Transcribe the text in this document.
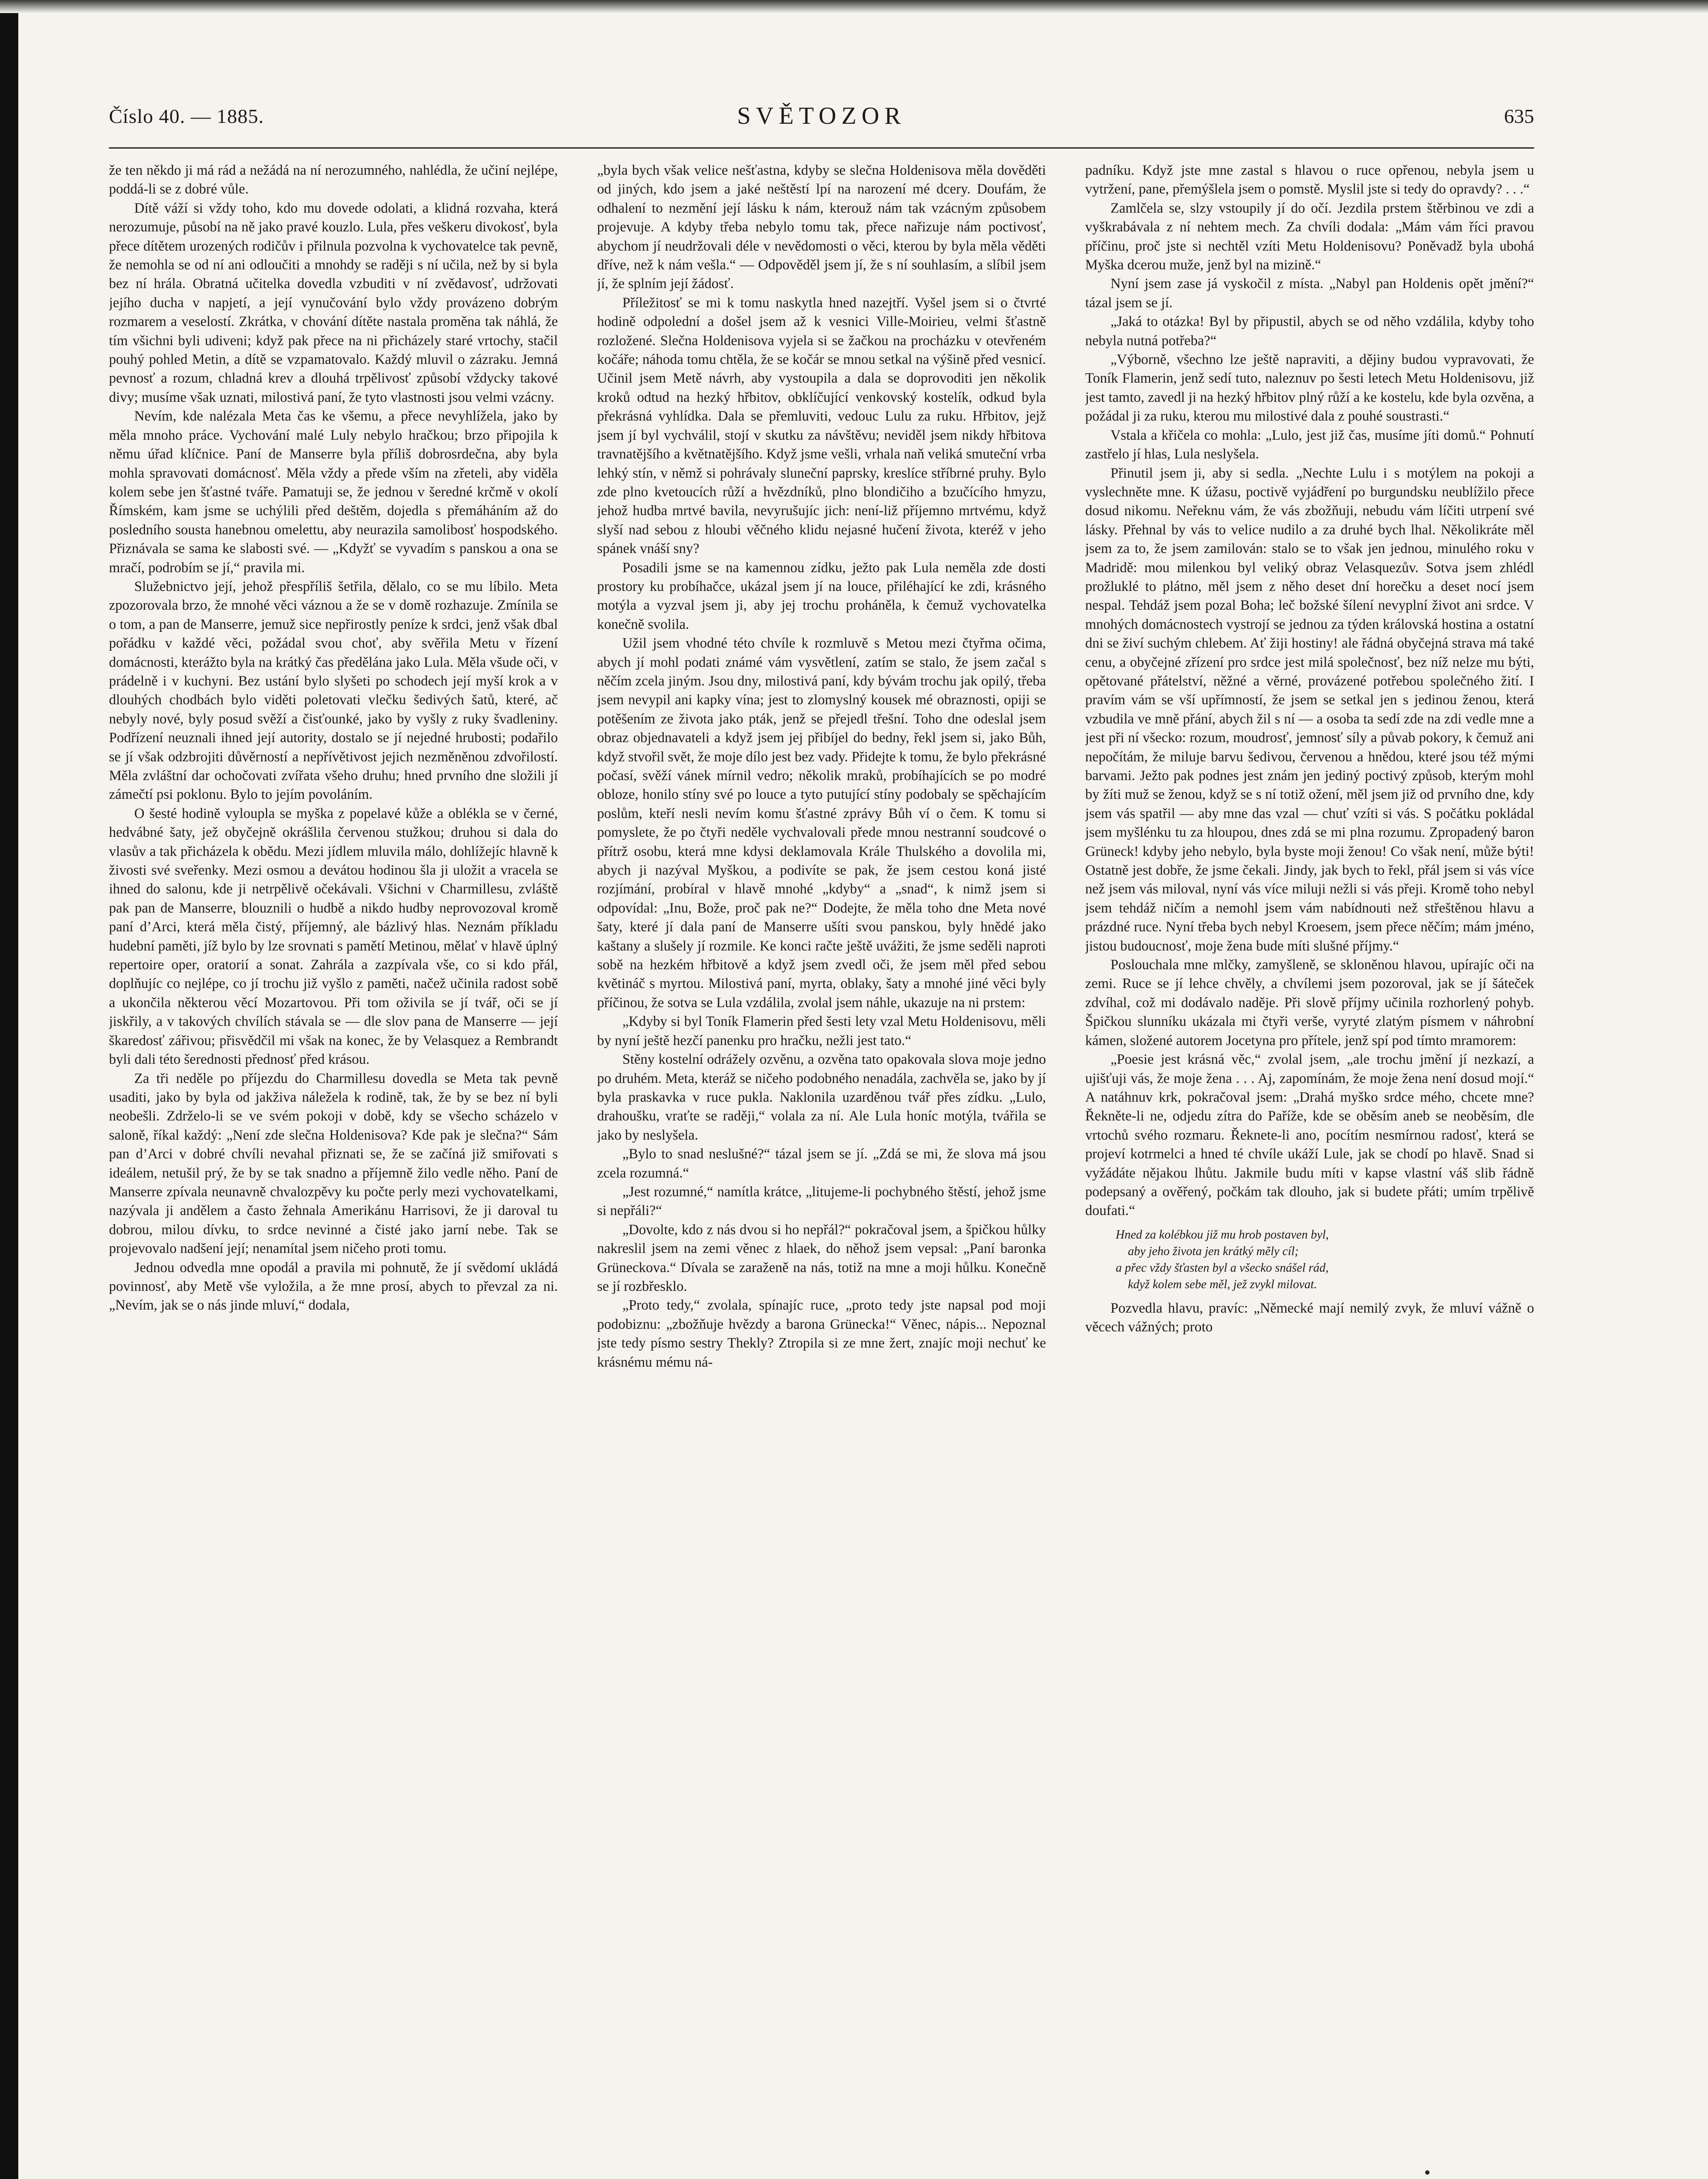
Číslo 40. — 1885.	SVĚTOZOR	635

že ten někdo ji má rád a nežádá na ní nerozumného, nahlédla, že učiní nejlépe, poddá-li se z dobré vůle.

Dítě váží si vždy toho, kdo mu dovede odolati, a klidná rozvaha, která nerozumuje, působí na ně jako pravé kouzlo. Lula, přes veškeru divokosť, byla přece dítětem urozených rodičův i přilnula pozvolna k vychovatelce tak pevně, že nemohla se od ní ani odloučiti a mnohdy se raději s ní učila, než by si byla bez ní hrála. Obratná učitelka dovedla vzbuditi v ní zvědavosť, udržovati jejího ducha v napjetí, a její vynučování bylo vždy provázeno dobrým rozmarem a veselostí. Zkrátka, v chování dítěte nastala proměna tak náhlá, že tím všichni byli udiveni; když pak přece na ni přicházely staré vrtochy, stačil pouhý pohled Metin, a dítě se vzpamatovalo. Každý mluvil o zázraku. Jemná pevnosť a rozum, chladná krev a dlouhá trpělivosť způsobí vždycky takové divy; musíme však uznati, milostivá paní, že tyto vlastnosti jsou velmi vzácny.

Nevím, kde nalézala Meta čas ke všemu, a přece nevyhlížela, jako by měla mnoho práce. Vychování malé Luly nebylo hračkou; brzo připojila k němu úřad klíčnice. Paní de Manserre byla příliš dobrosrdečna, aby byla mohla spravovati domácnosť. Měla vždy a přede vším na zřeteli, aby viděla kolem sebe jen šťastné tváře. Pamatuji se, že jednou v šeredné krčmě v okolí Římském, kam jsme se uchýlili před deštěm, dojedla s přemáháním až do posledního sousta hanebnou omelettu, aby neurazila samolibosť hospodského. Přiznávala se sama ke slabosti své. — „Kdyžť se vyvadím s panskou a ona se mračí, podrobím se jí,“ pravila mi.

Služebnictvo její, jehož přespříliš šetřila, dělalo, co se mu líbilo. Meta zpozorovala brzo, že mnohé věci váznou a že se v domě rozhazuje. Zmínila se o tom, a pan de Manserre, jemuž sice nepřirostly peníze k srdci, jenž však dbal pořádku v každé věci, požádal svou choť, aby svěřila Metu v řízení domácnosti, kterážto byla na krátký čas předělána jako Lula. Měla všude oči, v prádelně i v kuchyni. Bez ustání bylo slyšeti po schodech její myší krok a v dlouhých chodbách bylo viděti poletovati vlečku šedivých šatů, které, ač nebyly nové, byly posud svěží a čisťounké, jako by vyšly z ruky švadleniny. Podřízení neuznali ihned její autority, dostalo se jí nejedné hrubosti; podařilo se jí však odzbrojiti důvěrností a nepřívětivost jejich nezměněnou zdvořilostí. Měla zvláštní dar ochočovati zvířata všeho druhu; hned prvního dne složili jí zámečtí psi poklonu. Bylo to jejím povoláním.

O šesté hodině vyloupla se myška z popelavé kůže a oblékla se v černé, hedvábné šaty, jež obyčejně okrášlila červenou stužkou; druhou si dala do vlasův a tak přicházela k obědu. Mezi jídlem mluvila málo, dohlížejíc hlavně k živosti své sveřenky. Mezi osmou a devátou hodinou šla ji uložit a vracela se ihned do salonu, kde ji netrpělivě očekávali. Všichni v Charmillesu, zvláště pak pan de Manserre, blouznili o hudbě a nikdo hudby neprovozoval kromě paní d’Arci, která měla čistý, příjemný, ale bázlivý hlas. Neznám příkladu hudební paměti, jíž bylo by lze srovnati s pamětí Metinou, mělať v hlavě úplný repertoire oper, oratorií a sonat. Zahrála a zazpívala vše, co si kdo přál, doplňujíc co nejlépe, co jí trochu již vyšlo z paměti, načež učinila radost sobě a ukončila některou věcí Mozartovou. Při tom oživila se jí tvář, oči se jí jiskřily, a v takových chvílích stávala se — dle slov pana de Manserre — její škaredosť zářivou; přisvědčil mi však na konec, že by Velasquez a Rembrandt byli dali této šerednosti přednosť před krásou.

Za tři neděle po příjezdu do Charmillesu dovedla se Meta tak pevně usaditi, jako by byla od jakživa náležela k rodině, tak, že by se bez ní byli neobešli. Zdrželo-li se ve svém pokoji v době, kdy se všecho scházelo v saloně, říkal každý: „Není zde slečna Holdenisova? Kde pak je slečna?“ Sám pan d’Arci v dobré chvíli nevahal přiznati se, že se začíná již smiřovati s ideálem, netušil prý, že by se tak snadno a příjemně žilo vedle něho. Paní de Manserre zpívala neunavně chvalozpěvy ku počte perly mezi vychovatelkami, nazývala ji andělem a často žehnala Amerikánu Harrisovi, že ji daroval tu dobrou, milou dívku, to srdce nevinné a čisté jako jarní nebe. Tak se projevovalo nadšení její; nenamítal jsem ničeho proti tomu.

Jednou odvedla mne opodál a pravila mi pohnutě, že jí svědomí ukládá povinnosť, aby Metě vše vyložila, a že mne prosí, abych to převzal za ni. „Nevím, jak se o nás jinde mluví,“ dodala,

„byla bych však velice nešťastna, kdyby se slečna Holdenisova měla dověděti od jiných, kdo jsem a jaké neštěstí lpí na narození mé dcery. Doufám, že odhalení to nezmění její lásku k nám, kterouž nám tak vzácným způsobem projevuje. A kdyby třeba nebylo tomu tak, přece nařizuje nám poctivosť, abychom jí neudržovali déle v nevědomosti o věci, kterou by byla měla věděti dříve, než k nám vešla.“ — Odpověděl jsem jí, že s ní souhlasím, a slíbil jsem jí, že splním její žádosť.

Příležitosť se mi k tomu naskytla hned nazejtří. Vyšel jsem si o čtvrté hodině odpolední a došel jsem až k vesnici Ville-Moirieu, velmi šťastně rozložené. Slečna Holdenisova vyjela si se žačkou na procházku v otevřeném kočáře; náhoda tomu chtěla, že se kočár se mnou setkal na výšině před vesnicí. Učinil jsem Metě návrh, aby vystoupila a dala se doprovoditi jen několik kroků odtud na hezký hřbitov, obklíčující venkovský kostelík, odkud byla překrásná vyhlídka. Dala se přemluviti, vedouc Lulu za ruku. Hřbitov, jejž jsem jí byl vychválil, stojí v skutku za návštěvu; neviděl jsem nikdy hřbitova travnatějšího a květnatějšího. Když jsme vešli, vrhala naň veliká smuteční vrba lehký stín, v němž si pohrávaly sluneční paprsky, kreslíce stříbrné pruhy. Bylo zde plno kvetoucích růží a hvězdníků, plno blondičiho a bzučícího hmyzu, jehož hudba mrtvé bavila, nevyrušujíc jich: není-liž příjemno mrtvému, když slyší nad sebou z hloubi věčného klidu nejasné hučení života, kteréž v jeho spánek vnáší sny?

Posadili jsme se na kamennou zídku, ježto pak Lula neměla zde dosti prostory ku probíhačce, ukázal jsem jí na louce, přiléhající ke zdi, krásného motýla a vyzval jsem ji, aby jej trochu proháněla, k čemuž vychovatelka konečně svolila.

Užil jsem vhodné této chvíle k rozmluvě s Metou mezi čtyřma očima, abych jí mohl podati známé vám vysvětlení, zatím se stalo, že jsem začal s něčím zcela jiným. Jsou dny, milostivá paní, kdy bývám trochu jak opilý, třeba jsem nevypil ani kapky vína; jest to zlomyslný kousek mé obraznosti, opiji se potěšením ze života jako pták, jenž se přejedl třešní. Toho dne odeslal jsem obraz objednavateli a když jsem jej přibíjel do bedny, řekl jsem si, jako Bůh, když stvořil svět, že moje dílo jest bez vady. Přidejte k tomu, že bylo překrásné počasí, svěží vánek mírnil vedro; několik mraků, probíhajících se po modré obloze, honilo stíny své po louce a tyto putující stíny podobaly se spěchajícím poslům, kteří nesli nevím komu šťastné zprávy Bůh ví o čem. K tomu si pomyslete, že po čtyři neděle vychvalovali přede mnou nestranní soudcové o přítrž osobu, která mne kdysi deklamovala Krále Thulského a dovolila mi, abych ji nazýval Myškou, a podivíte se pak, že jsem cestou koná jisté rozjímání, probíral v hlavě mnohé „kdyby“ a „snad“, k nimž jsem si odpovídal: „Inu, Bože, proč pak ne?“ Dodejte, že měla toho dne Meta nové šaty, které jí dala paní de Manserre ušíti svou panskou, byly hnědé jako kaštany a slušely jí rozmile. Ke konci račte ještě uvážiti, že jsme seděli naproti sobě na hezkém hřbitově a když jsem zvedl oči, že jsem měl před sebou květináč s myrtou. Milostivá paní, myrta, oblaky, šaty a mnohé jiné věci byly příčinou, že sotva se Lula vzdálila, zvolal jsem náhle, ukazuje na ni prstem:

„Kdyby si byl Toník Flamerin před šesti lety vzal Metu Holdenisovu, měli by nyní ještě hezčí panenku pro hračku, nežli jest tato.“

Stěny kostelní odrážely ozvěnu, a ozvěna tato opakovala slova moje jedno po druhém. Meta, kteráž se ničeho podobného nenadála, zachvěla se, jako by jí byla praskavka v ruce pukla. Naklonila uzarděnou tvář přes zídku. „Lulo, drahoušku, vraťte se raději,“ volala za ní. Ale Lula honíc motýla, tvářila se jako by neslyšela.

„Bylo to snad neslušné?“ tázal jsem se jí. „Zdá se mi, že slova má jsou zcela rozumná.“

„Jest rozumné,“ namítla krátce, „litujeme-li pochybného štěstí, jehož jsme si nepřáli?“

„Dovolte, kdo z nás dvou si ho nepřál?“ pokračoval jsem, a špičkou hůlky nakreslil jsem na zemi věnec z hlaek, do něhož jsem vepsal: „Paní baronka Grüneckova.“ Dívala se zaraženě na nás, totiž na mne a moji hůlku. Konečně se jí rozbřesklo.

„Proto tedy,“ zvolala, spínajíc ruce, „proto tedy jste napsal pod moji podobiznu: „zbožňuje hvězdy a barona Grünecka!“ Věnec, nápis... Nepoznal jste tedy písmo sestry Thekly? Ztropila si ze mne žert, znajíc moji nechuť ke krásnému mému ná-

padníku. Když jste mne zastal s hlavou o ruce opřenou, nebyla jsem u vytržení, pane, přemýšlela jsem o pomstě. Myslil jste si tedy do opravdy? . . .“

Zamlčela se, slzy vstoupily jí do očí. Jezdila prstem štěrbinou ve zdi a vyškrabávala z ní nehtem mech. Za chvíli dodala: „Mám vám říci pravou příčinu, proč jste si nechtěl vzíti Metu Holdenisovu? Poněvadž byla ubohá Myška dcerou muže, jenž byl na mizině.“

Nyní jsem zase já vyskočil z místa. „Nabyl pan Holdenis opět jmění?“ tázal jsem se jí.

„Jaká to otázka! Byl by připustil, abych se od něho vzdálila, kdyby toho nebyla nutná potřeba?“

„Výborně, všechno lze ještě napraviti, a dějiny budou vypravovati, že Toník Flamerin, jenž sedí tuto, naleznuv po šesti letech Metu Holdenisovu, již jest tamto, zavedl ji na hezký hřbitov plný růží a ke kostelu, kde byla ozvěna, a požádal ji za ruku, kterou mu milostivé dala z pouhé soustrasti.“

Vstala a křičela co mohla: „Lulo, jest již čas, musíme jíti domů.“ Pohnutí zastřelo jí hlas, Lula neslyšela.

Přinutil jsem ji, aby si sedla. „Nechte Lulu i s motýlem na pokoji a vyslechněte mne. K úžasu, poctivě vyjádření po burgundsku neublížilo přece dosud nikomu. Neřeknu vám, že vás zbožňuji, nebudu vám líčiti utrpení své lásky. Přehnal by vás to velice nudilo a za druhé bych lhal. Několikráte měl jsem za to, že jsem zamilován: stalo se to však jen jednou, minulého roku v Madridě: mou milenkou byl veliký obraz Velasquezův. Sotva jsem zhlédl prožluklé to plátno, měl jsem z něho deset dní horečku a deset nocí jsem nespal. Tehdáž jsem pozal Boha; leč božské šílení nevyplní život ani srdce. V mnohých domácnostech vystrojí se jednou za týden královská hostina a ostatní dni se živí suchým chlebem. Ať žiji hostiny! ale řádná obyčejná strava má také cenu, a obyčejné zřízení pro srdce jest milá společnosť, bez níž nelze mu býti, opětované přátelství, něžné a věrné, provázené potřebou společného žití. I pravím vám se vší upřímností, že jsem se setkal jen s jedinou ženou, která vzbudila ve mně přání, abych žil s ní — a osoba ta sedí zde na zdi vedle mne a jest při ní všecko: rozum, moudrosť, jemnosť síly a půvab pokory, k čemuž ani nepočítám, že miluje barvu šedivou, červenou a hnědou, které jsou též mými barvami. Ježto pak podnes jest znám jen jediný poctivý způsob, kterým mohl by žíti muž se ženou, když se s ní totiž ožení, měl jsem již od prvního dne, kdy jsem vás spatřil — aby mne das vzal — chuť vzíti si vás. S počátku pokládal jsem myšlénku tu za hloupou, dnes zdá se mi plna rozumu. Zpropadený baron Grüneck! kdyby jeho nebylo, byla byste moji ženou! Co však není, může býti! Ostatně jest dobře, že jsme čekali. Jindy, jak bych to řekl, přál jsem si vás více než jsem vás miloval, nyní vás více miluji nežli si vás přeji. Kromě toho nebyl jsem tehdáž ničím a nemohl jsem vám nabídnouti než střeštěnou hlavu a prázdné ruce. Nyní třeba bych nebyl Kroesem, jsem přece něčím; mám jméno, jistou budoucnosť, moje žena bude míti slušné příjmy.“

Poslouchala mne mlčky, zamyšleně, se skloněnou hlavou, upírajíc oči na zemi. Ruce se jí lehce chvěly, a chvílemi jsem pozoroval, jak se jí šáteček zdvíhal, což mi dodávalo naděje. Při slově příjmy učinila rozhorlený pohyb. Špičkou slunníku ukázala mi čtyři verše, vyryté zlatým písmem v náhrobní kámen, složené autorem Jocetyna pro přítele, jenž spí pod tímto mramorem:

„Poesie jest krásná věc,“ zvolal jsem, „ale trochu jmění jí nezkazí, a ujišťuji vás, že moje žena . . . Aj, zapomínám, že moje žena není dosud mojí.“ A natáhnuv krk, pokračoval jsem: „Drahá myško srdce mého, chcete mne? Řekněte-li ne, odjedu zítra do Paříže, kde se oběsím aneb se neoběsím, dle vrtochů svého rozmaru. Řeknete-li ano, pocítím nesmírnou radosť, která se projeví kotrmelci a hned té chvíle ukáží Lule, jak se chodí po hlavě. Snad si vyžádáte nějakou lhůtu. Jakmile budu míti v kapse vlastní váš slib řádně podepsaný a ověřený, počkám tak dlouho, jak si budete přáti; umím trpělivě doufati.“

Hned za kolébkou již mu hrob postaven byl,
aby jeho života jen krátký měly cíl;
a přec vždy šťasten byl a všecko snášel rád,
když kolem sebe měl, jež zvykl milovat.

Pozvedla hlavu, pravíc: „Německé mají nemilý zvyk, že mluví vážně o věcech vážných; proto
